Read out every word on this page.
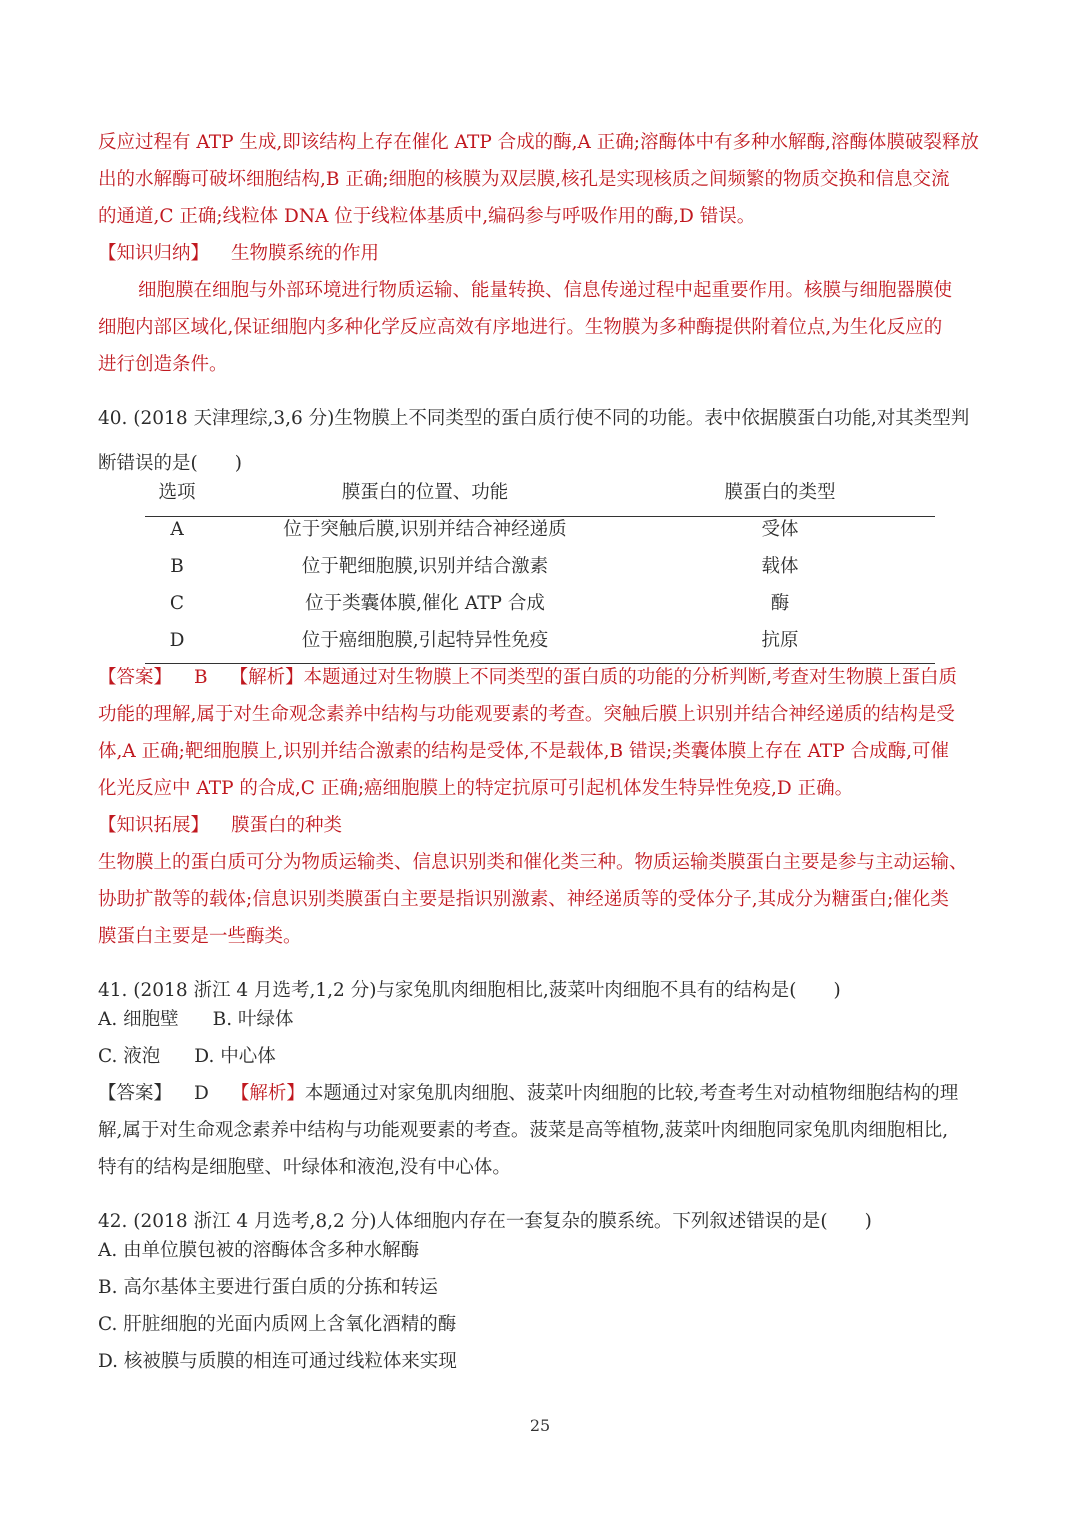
反应过程有 ATP 生成,即该结构上存在催化 ATP 合成的酶,A 正确;溶酶体中有多种水解酶,溶酶体膜破裂释放
出的水解酶可破坏细胞结构,B 正确;细胞的核膜为双层膜,核孔是实现核质之间频繁的物质交换和信息交流
的通道,C 正确;线粒体 DNA 位于线粒体基质中,编码参与呼吸作用的酶,D 错误。
【知识归纳】 生物膜系统的作用
细胞膜在细胞与外部环境进行物质运输、能量转换、信息传递过程中起重要作用。核膜与细胞器膜使
细胞内部区域化,保证细胞内多种化学反应高效有序地进行。生物膜为多种酶提供附着位点,为生化反应的
进行创造条件。
40. (2018 天津理综,3,6 分)生物膜上不同类型的蛋白质行使不同的功能。表中依据膜蛋白功能,对其类型判
断错误的是(　　)
选项	膜蛋白的位置、功能	膜蛋白的类型
A	位于突触后膜,识别并结合神经递质	受体
B	位于靶细胞膜,识别并结合激素	载体
C	位于类囊体膜,催化 ATP 合成	酶
D	位于癌细胞膜,引起特异性免疫	抗原
【答案】 B 【解析】本题通过对生物膜上不同类型的蛋白质的功能的分析判断,考查对生物膜上蛋白质
功能的理解,属于对生命观念素养中结构与功能观要素的考查。突触后膜上识别并结合神经递质的结构是受
体,A 正确;靶细胞膜上,识别并结合激素的结构是受体,不是载体,B 错误;类囊体膜上存在 ATP 合成酶,可催
化光反应中 ATP 的合成,C 正确;癌细胞膜上的特定抗原可引起机体发生特异性免疫,D 正确。
【知识拓展】 膜蛋白的种类
生物膜上的蛋白质可分为物质运输类、信息识别类和催化类三种。物质运输类膜蛋白主要是参与主动运输、
协助扩散等的载体;信息识别类膜蛋白主要是指识别激素、神经递质等的受体分子,其成分为糖蛋白;催化类
膜蛋白主要是一些酶类。
41. (2018 浙江 4 月选考,1,2 分)与家兔肌肉细胞相比,菠菜叶肉细胞不具有的结构是(　　)
A. 细胞壁 B. 叶绿体
C. 液泡 D. 中心体
【答案】 D 【解析】本题通过对家兔肌肉细胞、菠菜叶肉细胞的比较,考查考生对动植物细胞结构的理
解,属于对生命观念素养中结构与功能观要素的考查。菠菜是高等植物,菠菜叶肉细胞同家兔肌肉细胞相比,
特有的结构是细胞壁、叶绿体和液泡,没有中心体。
42. (2018 浙江 4 月选考,8,2 分)人体细胞内存在一套复杂的膜系统。下列叙述错误的是(　　)
A. 由单位膜包被的溶酶体含多种水解酶
B. 高尔基体主要进行蛋白质的分拣和转运
C. 肝脏细胞的光面内质网上含氧化酒精的酶
D. 核被膜与质膜的相连可通过线粒体来实现
25
